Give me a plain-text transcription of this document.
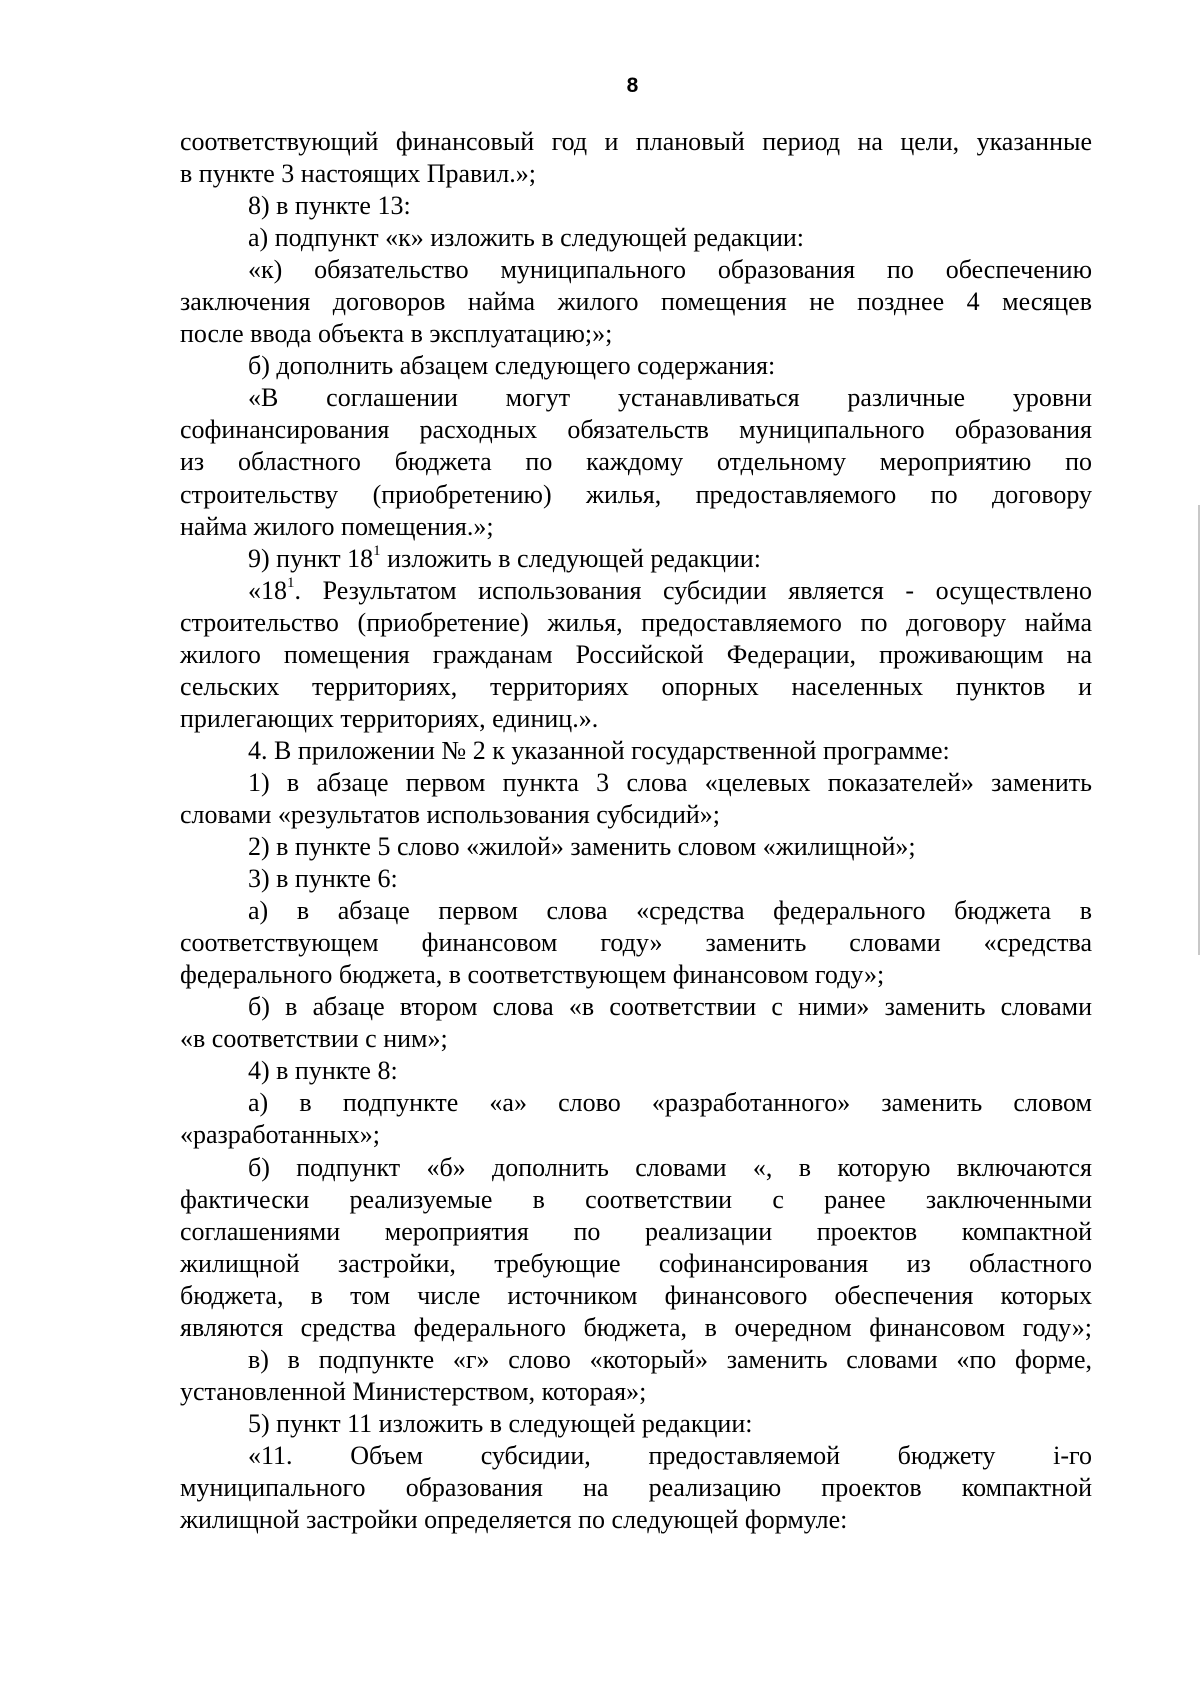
8
соответствующий финансовый год и плановый период на цели, указанные
в пункте 3 настоящих Правил.»;
8) в пункте 13:
а) подпункт «к» изложить в следующей редакции:
«к) обязательство муниципального образования по обеспечению
заключения договоров найма жилого помещения не позднее 4 месяцев
после ввода объекта в эксплуатацию;»;
б) дополнить абзацем следующего содержания:
«В соглашении могут устанавливаться различные уровни
софинансирования расходных обязательств муниципального образования
из областного бюджета по каждому отдельному мероприятию по
строительству (приобретению) жилья, предоставляемого по договору
найма жилого помещения.»;
9) пункт $18^1$ изложить в следующей редакции:
«$18^1$. Результатом использования субсидии является - осуществлено
строительство (приобретение) жилья, предоставляемого по договору найма
жилого помещения гражданам Российской Федерации, проживающим на
сельских территориях, территориях опорных населенных пунктов и
прилегающих территориях, единиц.».
4. В приложении № 2 к указанной государственной программе:
1) в абзаце первом пункта 3 слова «целевых показателей» заменить
словами «результатов использования субсидий»;
2) в пункте 5 слово «жилой» заменить словом «жилищной»;
3) в пункте 6:
а) в абзаце первом слова «средства федерального бюджета в
соответствующем финансовом году» заменить словами «средства
федерального бюджета, в соответствующем финансовом году»;
б) в абзаце втором слова «в соответствии с ними» заменить словами
«в соответствии с ним»;
4) в пункте 8:
а) в подпункте «а» слово «разработанного» заменить словом
«разработанных»;
б) подпункт «б» дополнить словами «, в которую включаются
фактически реализуемые в соответствии с ранее заключенными
соглашениями мероприятия по реализации проектов компактной
жилищной застройки, требующие софинансирования из областного
бюджета, в том числе источником финансового обеспечения которых
являются средства федерального бюджета, в очередном финансовом году»;
в) в подпункте «г» слово «который» заменить словами «по форме,
установленной Министерством, которая»;
5) пункт 11 изложить в следующей редакции:
«11. Объем субсидии, предоставляемой бюджету i-го
муниципального образования на реализацию проектов компактной
жилищной застройки определяется по следующей формуле:
